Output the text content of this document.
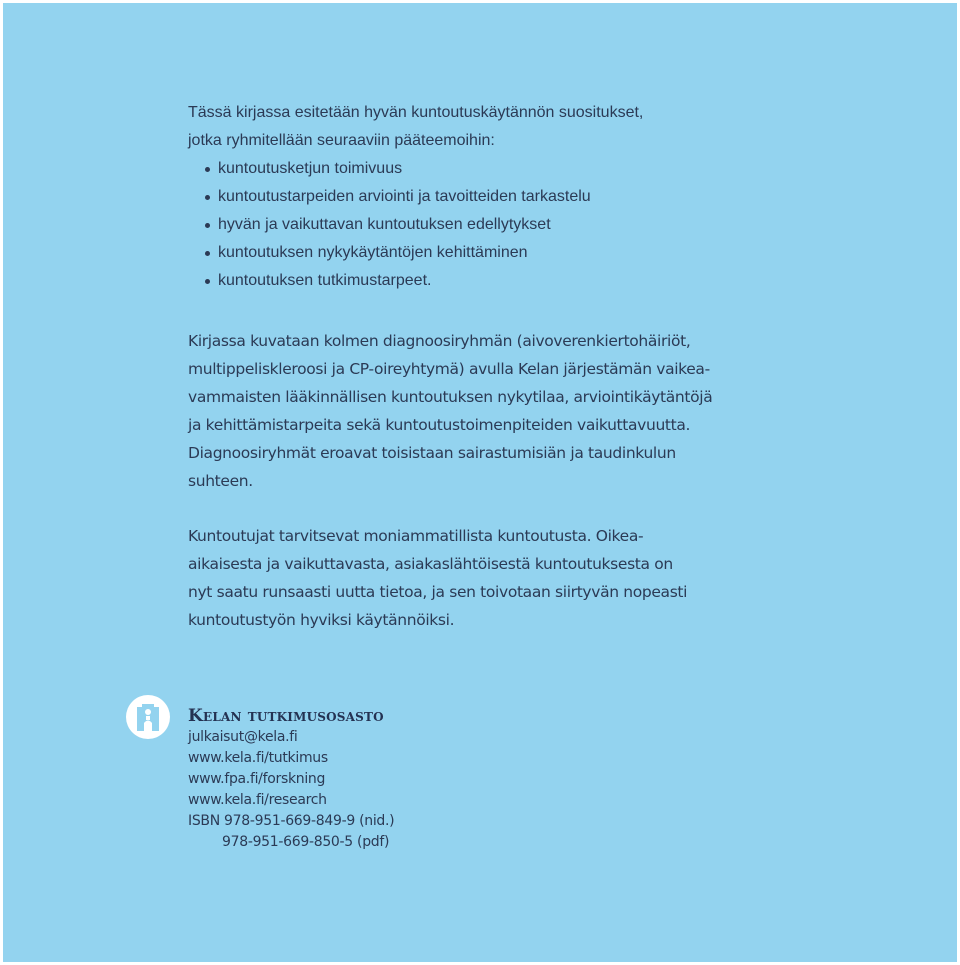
Tässä kirjassa esitetään hyvän kuntoutuskäytännön suositukset,
jotka ryhmitellään seuraaviin pääteemoihin:

kuntoutusketjun toimivuus
kuntoutustarpeiden arviointi ja tavoitteiden tarkastelu
hyvän ja vaikuttavan kuntoutuksen edellytykset
kuntoutuksen nykykäytäntöjen kehittäminen
kuntoutuksen tutkimustarpeet.

Kirjassa kuvataan kolmen diagnoosiryhmän (aivoverenkiertohäiriöt,
multippeliskleroosi ja CP-oireyhtymä) avulla Kelan järjestämän vaikea-
vammaisten lääkinnällisen kuntoutuksen nykytilaa, arviointikäytäntöjä
ja kehittämistarpeita sekä kuntoutustoimenpiteiden vaikuttavuutta.
Diagnoosiryhmät eroavat toisistaan sairastumisiän ja taudinkulun
suhteen.

Kuntoutujat tarvitsevat moniammatillista kuntoutusta. Oikea-
aikaisesta ja vaikuttavasta, asiakaslähtöisestä kuntoutuksesta on
nyt saatu runsaasti uutta tietoa, ja sen toivotaan siirtyvän nopeasti
kuntoutustyön hyviksi käytännöiksi.

Kelan tutkimusosasto
julkaisut@kela.fi
www.kela.fi/tutkimus
www.fpa.fi/forskning
www.kela.fi/research
ISBN 978-951-669-849-9 (nid.)
978-951-669-850-5 (pdf)
